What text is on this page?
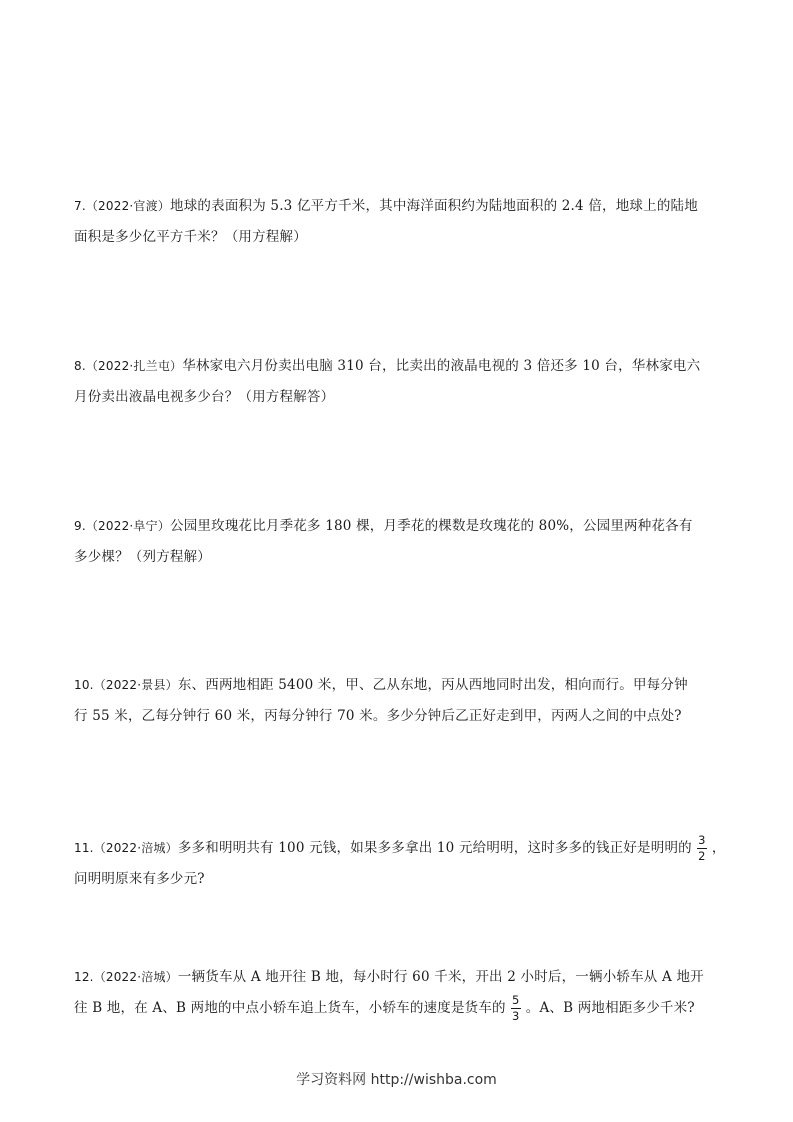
7.（2022·官渡）地球的表面积为 5.3 亿平方千米，其中海洋面积约为陆地面积的 2.4 倍，地球上的陆地

面积是多少亿平方千米？（用方程解）

8.（2022·扎兰屯）华林家电六月份卖出电脑 310 台，比卖出的液晶电视的 3 倍还多 10 台，华林家电六

月份卖出液晶电视多少台？（用方程解答）

9.（2022·阜宁）公园里玫瑰花比月季花多 180 棵，月季花的棵数是玫瑰花的 80%，公园里两种花各有

多少棵？（列方程解）

10.（2022·景县）东、西两地相距 5400 米，甲、乙从东地，丙从西地同时出发，相向而行。甲每分钟

行 55 米，乙每分钟行 60 米，丙每分钟行 70 米。多少分钟后乙正好走到甲，丙两人之间的中点处?

11.（2022·涪城）多多和明明共有 100 元钱，如果多多拿出 10 元给明明，这时多多的钱正好是明明的 $\frac{3}{2}$ ，

问明明原来有多少元?

12.（2022·涪城）一辆货车从 A 地开往 B 地，每小时行 60 千米，开出 2 小时后，一辆小轿车从 A 地开

往 B 地，在 A、B 两地的中点小轿车追上货车，小轿车的速度是货车的 $\frac{5}{3}$ 。A、B 两地相距多少千米?

学习资料网 http://wishba.com
